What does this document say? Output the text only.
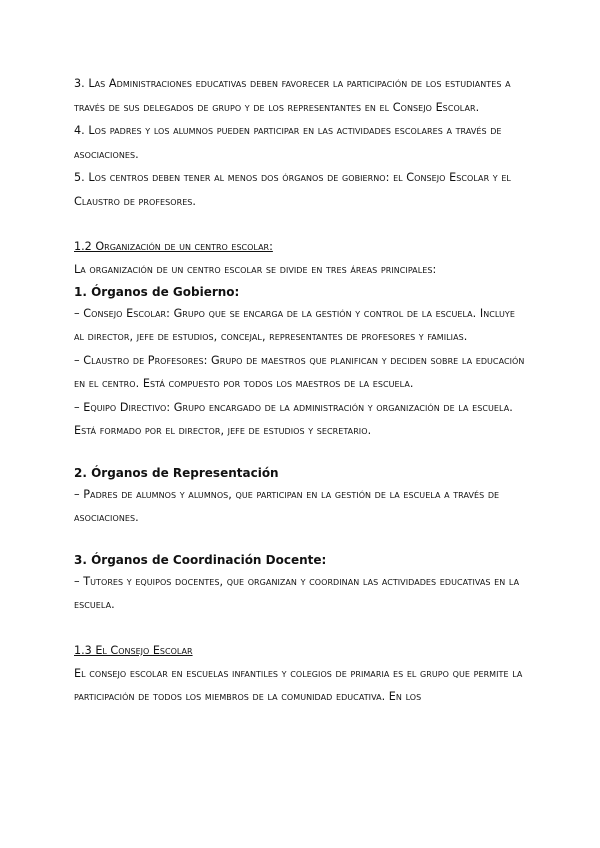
3. Las Administraciones educativas deben favorecer la participación de los estudiantes a través de sus delegados de grupo y de los representantes en el Consejo Escolar.

4. Los padres y los alumnos pueden participar en las actividades escolares a través de asociaciones.

5. Los centros deben tener al menos dos órganos de gobierno: el Consejo Escolar y el Claustro de profesores.

1.2 Organización de un centro escolar:

La organización de un centro escolar se divide en tres áreas principales:

1. Órganos de Gobierno:

– Consejo Escolar: Grupo que se encarga de la gestión y control de la escuela. Incluye al director, jefe de estudios, concejal, representantes de profesores y familias.

– Claustro de Profesores: Grupo de maestros que planifican y deciden sobre la educación en el centro. Está compuesto por todos los maestros de la escuela.

– Equipo Directivo: Grupo encargado de la administración y organización de la escuela. Está formado por el director, jefe de estudios y secretario.

2. Órganos de Representación

– Padres de alumnos y alumnos, que participan en la gestión de la escuela a través de asociaciones.

3. Órganos de Coordinación Docente:

– Tutores y equipos docentes, que organizan y coordinan las actividades educativas en la escuela.

1.3 El Consejo Escolar

El consejo escolar en escuelas infantiles y colegios de primaria es el grupo que permite la participación de todos los miembros de la comunidad educativa. En los
